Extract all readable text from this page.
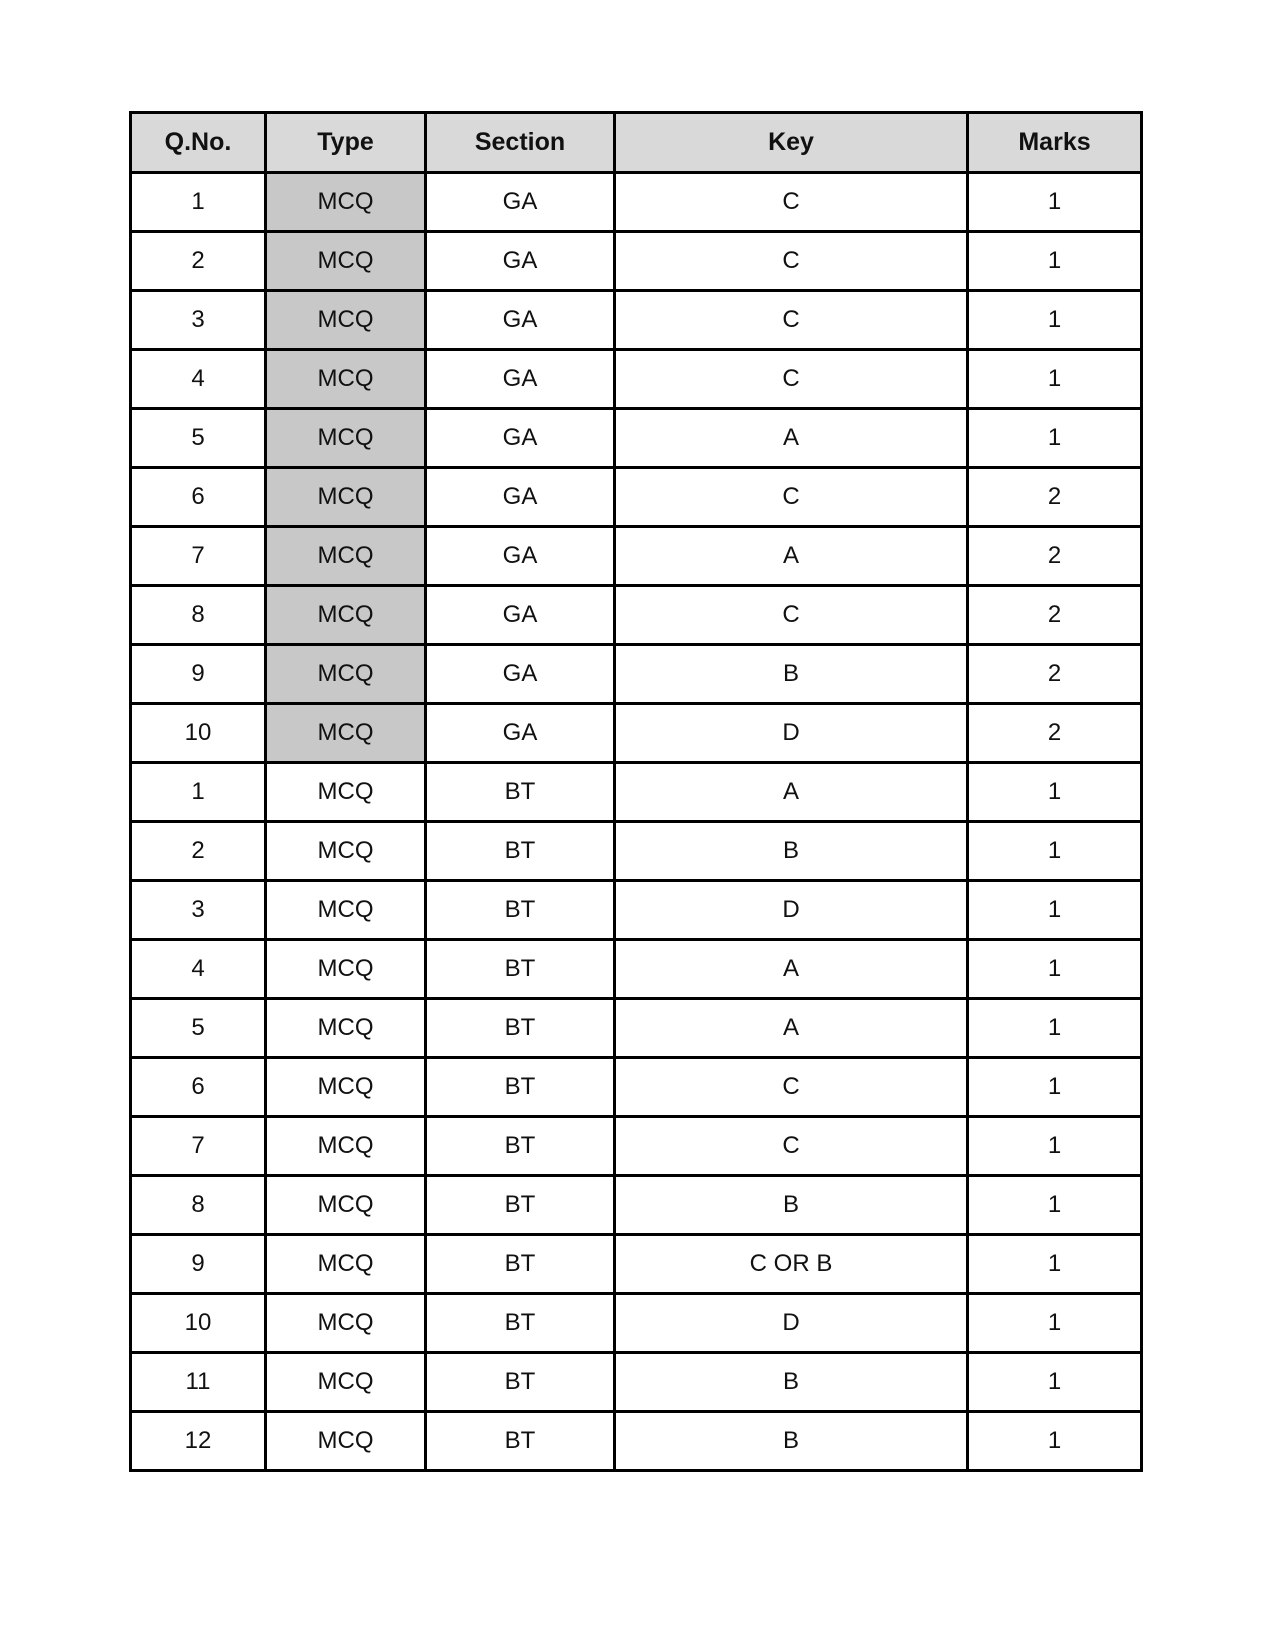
Q.No.	Type	Section	Key	Marks
1	MCQ	GA	C	1
2	MCQ	GA	C	1
3	MCQ	GA	C	1
4	MCQ	GA	C	1
5	MCQ	GA	A	1
6	MCQ	GA	C	2
7	MCQ	GA	A	2
8	MCQ	GA	C	2
9	MCQ	GA	B	2
10	MCQ	GA	D	2
1	MCQ	BT	A	1
2	MCQ	BT	B	1
3	MCQ	BT	D	1
4	MCQ	BT	A	1
5	MCQ	BT	A	1
6	MCQ	BT	C	1
7	MCQ	BT	C	1
8	MCQ	BT	B	1
9	MCQ	BT	C OR B	1
10	MCQ	BT	D	1
11	MCQ	BT	B	1
12	MCQ	BT	B	1
